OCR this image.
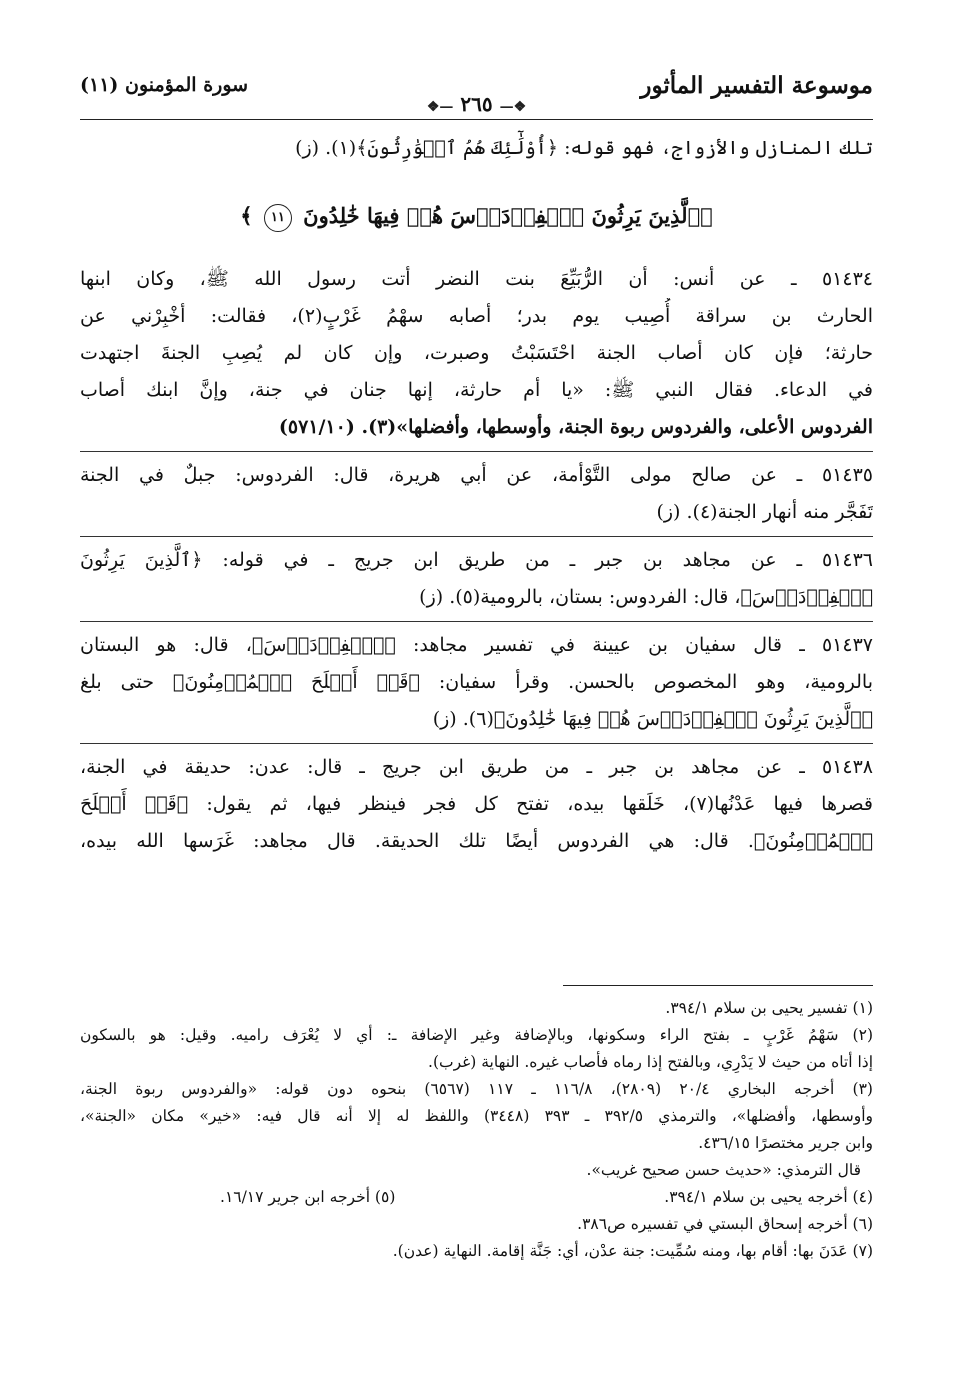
موسوعة التفسير المأثور
❖— ٢٦٥ —❖
سورة المؤمنون (١١)
تلك المنازل والأزواج، فهو قوله: ﴿أُوْلَٰٓئِكَ هُمُ ٱلۡوَٰرِثُونَ﴾(١). (ز)
﴿ٱلَّذِينَ يَرِثُونَ ٱلۡفِرۡدَوۡسَ هُمۡ فِيهَا خَٰلِدُونَ ١١ ﴾
٥١٤٣٤ ـ عن أنس: أن الرُّبَيِّعَ بنت النضر أتت رسول الله ﷺ، وكان ابنها
الحارث بن سراقة أُصِيب يوم بدر؛ أصابه سهْمُ غَرْبٍ(٢)، فقالت: أخْبِرْني عن
حارثة؛ فإن كان أصاب الجنة احْتَسَبْتُ وصبرت، وإن كان لم يُصِبِ الجنةَ اجتهدت
في الدعاء. فقال النبي ﷺ: «يا أم حارثة، إنها جنان في جنة، وإنَّ ابنك أصاب
الفردوس الأعلى، والفردوس ربوة الجنة، وأوسطها، وأفضلها»(٣). (٥٧١/١٠)
٥١٤٣٥ ـ عن صالح مولى التَّوْأمة، عن أبي هريرة، قال: الفردوس: جبلٌ في الجنة
تَفَجَّر منه أنهار الجنة(٤). (ز)
٥١٤٣٦ ـ عن مجاهد بن جبر ـ من طريق ابن جريج ـ في قوله: ﴿ٱلَّذِينَ يَرِثُونَ
ٱلۡفِرۡدَوۡسَ﴾، قال: الفردوس: بستان، بالرومية(٥). (ز)
٥١٤٣٧ ـ قال سفيان بن عيينة في تفسير مجاهد: ﴿ٱلۡفِرۡدَوۡسَ﴾، قال: هو البستان
بالرومية، وهو المخصوص بالحسن. وقرأ سفيان: ﴿قَدۡ أَفۡلَحَ ٱلۡمُؤۡمِنُونَ﴾ حتى بلغ
﴿ٱلَّذِينَ يَرِثُونَ ٱلۡفِرۡدَوۡسَ هُمۡ فِيهَا خَٰلِدُونَ﴾(٦). (ز)
٥١٤٣٨ ـ عن مجاهد بن جبر ـ من طريق ابن جريج ـ قال: عدن: حديقة في الجنة،
قصرها فيها عَدْنُها(٧)، خَلَقها بيده، تفتح كل فجر فينظر فيها، ثم يقول: ﴿قَدۡ أَفۡلَحَ
ٱلۡمُؤۡمِنُونَ﴾. قال: هي الفردوس أيضًا تلك الحديقة. قال مجاهد: غَرَسها الله بيده،
(١) تفسير يحيى بن سلام ٣٩٤/١.
(٢) سَهْمُ غَرْبٍ ـ بفتح الراء وسكونها، وبالإضافة وغير الإضافة ـ: أي لا يُعْرَف راميه. وقيل: هو بالسكون
إذا أتاه من حيث لا يَدْرِي، وبالفتح إذا رماه فأصاب غيره. النهاية (غرب).
(٣) أخرجه البخاري ٢٠/٤ (٢٨٠٩)، ١١٦/٨ ـ ١١٧ (٦٥٦٧) بنحوه دون قوله: «والفردوس ربوة الجنة،
وأوسطها، وأفضلها»، والترمذي ٣٩٢/٥ ـ ٣٩٣ (٣٤٤٨) واللفظ له إلا أنه قال فيه: «خير» مكان «الجنة»،
وابن جرير مختصرًا ٤٣٦/١٥.
قال الترمذي: «حديث حسن صحيح غريب».
(٤) أخرجه يحيى بن سلام ٣٩٤/١.
(٥) أخرجه ابن جرير ١٦/١٧.
(٦) أخرجه إسحاق البستي في تفسيره ص٣٨٦.
(٧) عَدَنَ بها: أقام بها، ومنه سُمِّيت: جنة عدْن، أي: جَنَّة إقامة. النهاية (عدن).
